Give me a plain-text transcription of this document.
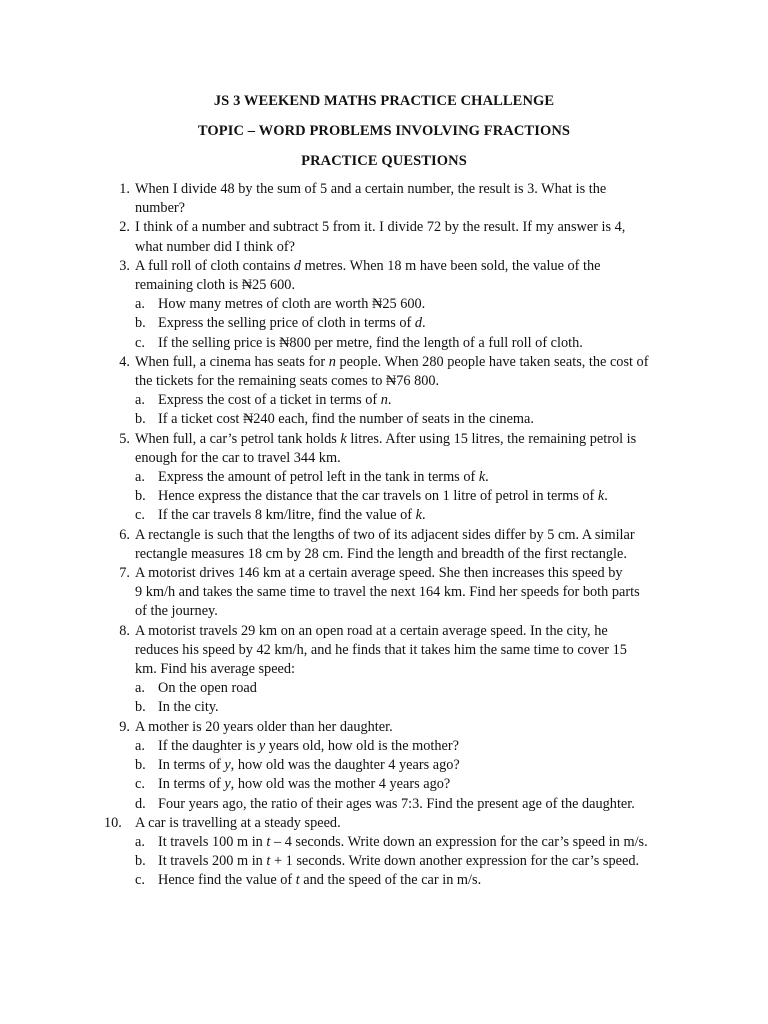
JS 3 WEEKEND MATHS PRACTICE CHALLENGE
TOPIC – WORD PROBLEMS INVOLVING FRACTIONS
PRACTICE QUESTIONS
1. When I divide 48 by the sum of 5 and a certain number, the result is 3. What is the
number?
2. I think of a number and subtract 5 from it. I divide 72 by the result. If my answer is 4,
what number did I think of?
3. A full roll of cloth contains d metres. When 18 m have been sold, the value of the
remaining cloth is ₦25 600.
a. How many metres of cloth are worth ₦25 600.
b. Express the selling price of cloth in terms of d.
c. If the selling price is ₦800 per metre, find the length of a full roll of cloth.
4. When full, a cinema has seats for n people. When 280 people have taken seats, the cost of
the tickets for the remaining seats comes to ₦76 800.
a. Express the cost of a ticket in terms of n.
b. If a ticket cost ₦240 each, find the number of seats in the cinema.
5. When full, a car’s petrol tank holds k litres. After using 15 litres, the remaining petrol is
enough for the car to travel 344 km.
a. Express the amount of petrol left in the tank in terms of k.
b. Hence express the distance that the car travels on 1 litre of petrol in terms of k.
c. If the car travels 8 km/litre, find the value of k.
6. A rectangle is such that the lengths of two of its adjacent sides differ by 5 cm. A similar
rectangle measures 18 cm by 28 cm. Find the length and breadth of the first rectangle.
7. A motorist drives 146 km at a certain average speed. She then increases this speed by
9 km/h and takes the same time to travel the next 164 km. Find her speeds for both parts
of the journey.
8. A motorist travels 29 km on an open road at a certain average speed. In the city, he
reduces his speed by 42 km/h, and he finds that it takes him the same time to cover 15
km. Find his average speed:
a. On the open road
b. In the city.
9. A mother is 20 years older than her daughter.
a. If the daughter is y years old, how old is the mother?
b. In terms of y, how old was the daughter 4 years ago?
c. In terms of y, how old was the mother 4 years ago?
d. Four years ago, the ratio of their ages was 7:3. Find the present age of the daughter.
10. A car is travelling at a steady speed.
a. It travels 100 m in t – 4 seconds. Write down an expression for the car’s speed in m/s.
b. It travels 200 m in t + 1 seconds. Write down another expression for the car’s speed.
c. Hence find the value of t and the speed of the car in m/s.
